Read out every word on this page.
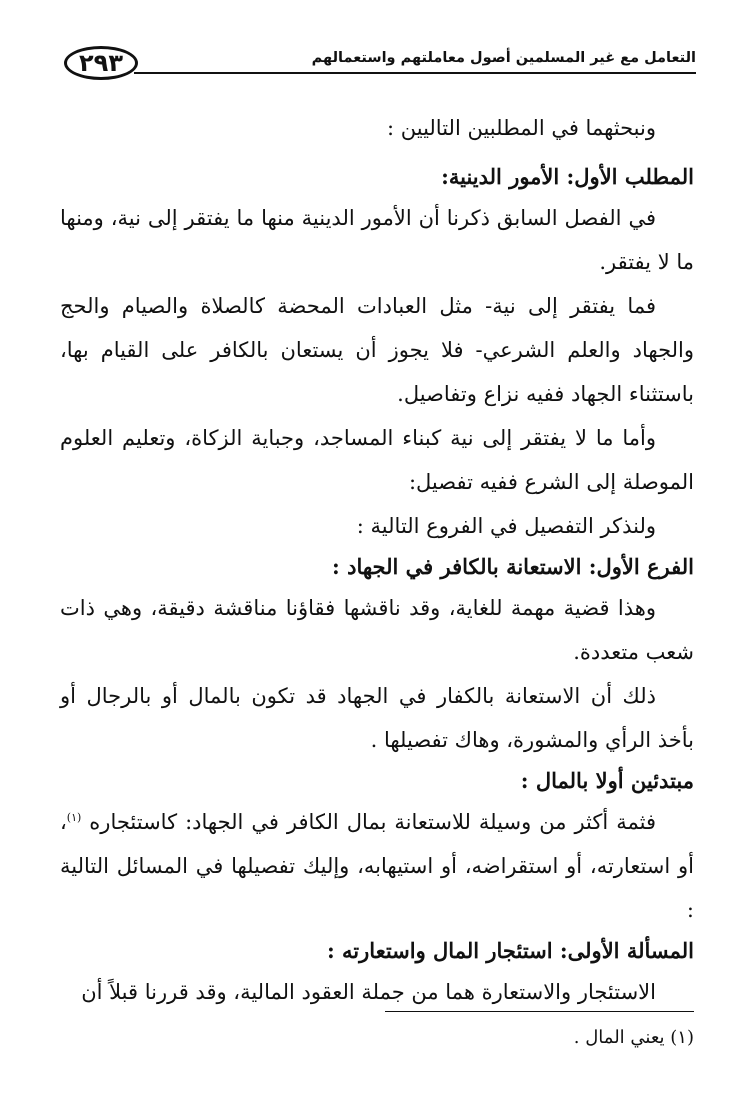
التعامل مع غير المسلمين أصول معاملتهم واستعمالهم
٢٩٣

ونبحثهما في المطلبين التاليين :

المطلب الأول: الأمور الدينية:

في الفصل السابق ذكرنا أن الأمور الدينية منها ما يفتقر إلى نية، ومنها ما لا يفتقر.

فما يفتقر إلى نية- مثل العبادات المحضة كالصلاة والصيام والحج والجهاد والعلم الشرعي- فلا يجوز أن يستعان بالكافر على القيام بها، باستثناء الجهاد ففيه نزاع وتفاصيل.

وأما ما لا يفتقر إلى نية كبناء المساجد، وجباية الزكاة، وتعليم العلوم الموصلة إلى الشرع ففيه تفصيل:

ولنذكر التفصيل في الفروع التالية :

الفرع الأول: الاستعانة بالكافر في الجهاد :

وهذا قضية مهمة للغاية، وقد ناقشها فقاؤنا مناقشة دقيقة، وهي ذات شعب متعددة.

ذلك أن الاستعانة بالكفار في الجهاد قد تكون بالمال أو بالرجال أو بأخذ الرأي والمشورة، وهاك تفصيلها .

مبتدئين أولا بالمال :

فثمة أكثر من وسيلة للاستعانة بمال الكافر في الجهاد: كاستئجاره $^{(١)}$، أو استعارته، أو استقراضه، أو استيهابه، وإليك تفصيلها في المسائل التالية :

المسألة الأولى: استئجار المال واستعارته :

الاستئجار والاستعارة هما من جملة العقود المالية، وقد قررنا قبلاً أن

(١) يعني المال .
